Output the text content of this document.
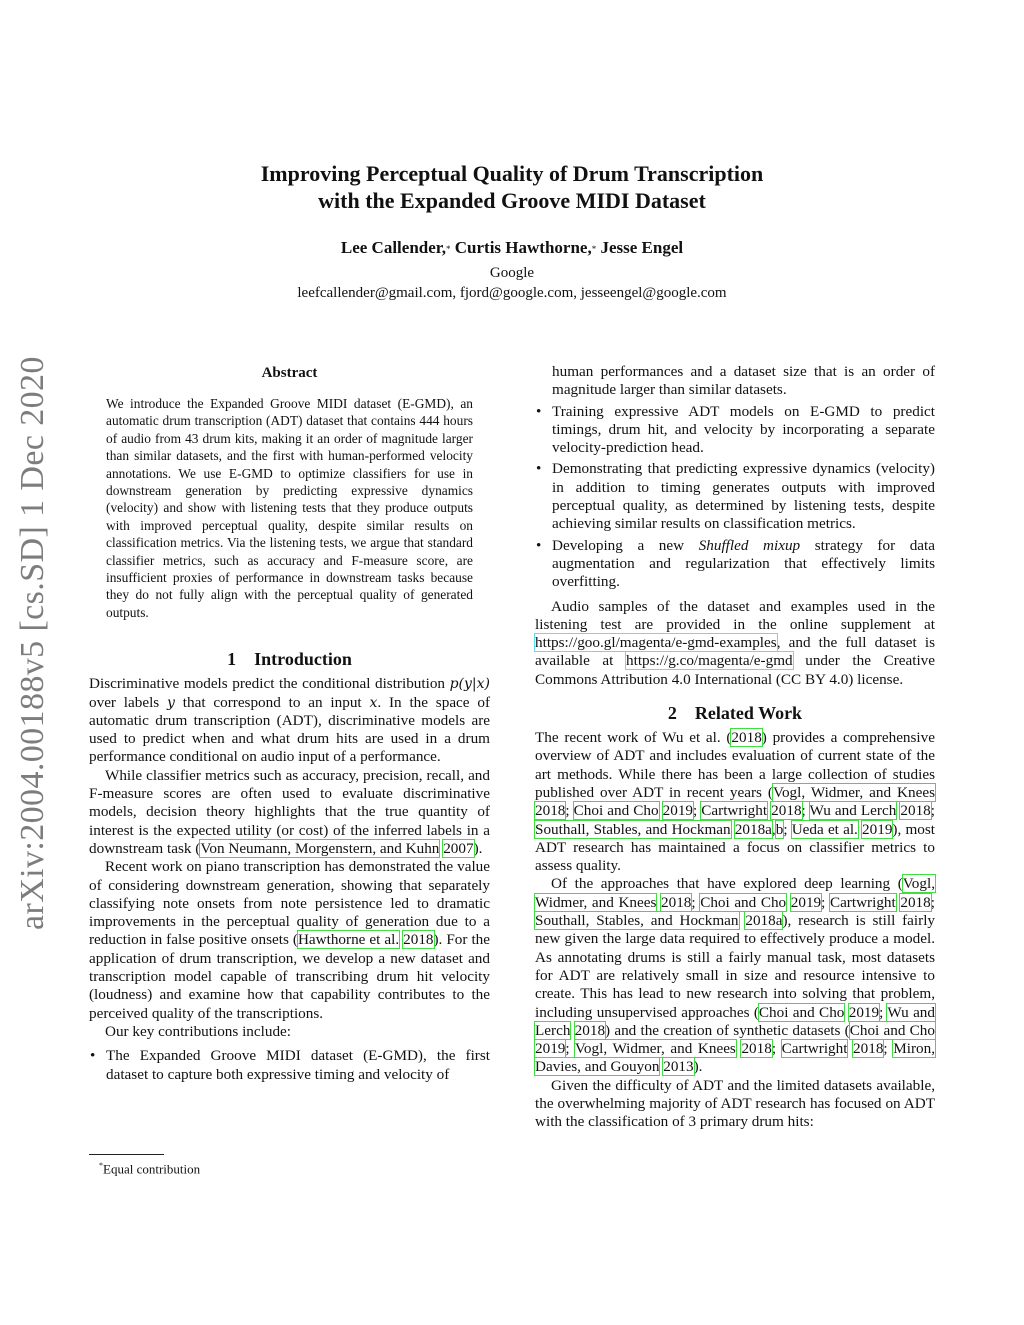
arXiv:2004.00188v5 [cs.SD] 1 Dec 2020
Improving Perceptual Quality of Drum Transcription
with the Expanded Groove MIDI Dataset
Lee Callender,* Curtis Hawthorne,* Jesse Engel
Google
leefcallender@gmail.com, fjord@google.com, jesseengel@google.com
Abstract

We introduce the Expanded Groove MIDI dataset (E-GMD), an automatic drum transcription (ADT) dataset that contains 444 hours of audio from 43 drum kits, making it an order of magnitude larger than similar datasets, and the first with human-performed velocity annotations. We use E-GMD to optimize classifiers for use in downstream generation by predicting expressive dynamics (velocity) and show with listening tests that they produce outputs with improved perceptual quality, despite similar results on classification metrics. Via the listening tests, we argue that standard classifier metrics, such as accuracy and F-measure score, are insufficient proxies of performance in downstream tasks because they do not fully align with the perceptual quality of generated outputs.

1 Introduction

Discriminative models predict the conditional distribution p(y|x) over labels y that correspond to an input x. In the space of automatic drum transcription (ADT), discriminative models are used to predict when and what drum hits are used in a drum performance conditional on audio input of a performance.

While classifier metrics such as accuracy, precision, recall, and F-measure scores are often used to evaluate discriminative models, decision theory highlights that the true quantity of interest is the expected utility (or cost) of the inferred labels in a downstream task (Von Neumann, Morgenstern, and Kuhn 2007).

Recent work on piano transcription has demonstrated the value of considering downstream generation, showing that separately classifying note onsets from note persistence led to dramatic improvements in the perceptual quality of generation due to a reduction in false positive onsets (Hawthorne et al. 2018). For the application of drum transcription, we develop a new dataset and transcription model capable of transcribing drum hit velocity (loudness) and examine how that capability contributes to the perceived quality of the transcriptions.

Our key contributions include:

• The Expanded Groove MIDI dataset (E-GMD), the first dataset to capture both expressive timing and velocity of
*Equal contribution

human performances and a dataset size that is an order of magnitude larger than similar datasets.

• Training expressive ADT models on E-GMD to predict timings, drum hit, and velocity by incorporating a separate velocity-prediction head.
• Demonstrating that predicting expressive dynamics (velocity) in addition to timing generates outputs with improved perceptual quality, as determined by listening tests, despite achieving similar results on classification metrics.
• Developing a new Shuffled mixup strategy for data augmentation and regularization that effectively limits overfitting.

Audio samples of the dataset and examples used in the listening test are provided in the online supplement at https://goo.gl/magenta/e-gmd-examples, and the full dataset is available at https://g.co/magenta/e-gmd under the Creative Commons Attribution 4.0 International (CC BY 4.0) license.

2 Related Work

The recent work of Wu et al. (2018) provides a comprehensive overview of ADT and includes evaluation of current state of the art methods. While there has been a large collection of studies published over ADT in recent years (Vogl, Widmer, and Knees 2018; Choi and Cho 2019; Cartwright 2018; Wu and Lerch 2018; Southall, Stables, and Hockman 2018a,b; Ueda et al. 2019), most ADT research has maintained a focus on classifier metrics to assess quality.

Of the approaches that have explored deep learning (Vogl, Widmer, and Knees 2018; Choi and Cho 2019; Cartwright 2018; Southall, Stables, and Hockman 2018a), research is still fairly new given the large data required to effectively produce a model. As annotating drums is still a fairly manual task, most datasets for ADT are relatively small in size and resource intensive to create. This has lead to new research into solving that problem, including unsupervised approaches (Choi and Cho 2019; Wu and Lerch 2018) and the creation of synthetic datasets (Choi and Cho 2019; Vogl, Widmer, and Knees 2018; Cartwright 2018; Miron, Davies, and Gouyon 2013).

Given the difficulty of ADT and the limited datasets available, the overwhelming majority of ADT research has focused on ADT with the classification of 3 primary drum hits:
